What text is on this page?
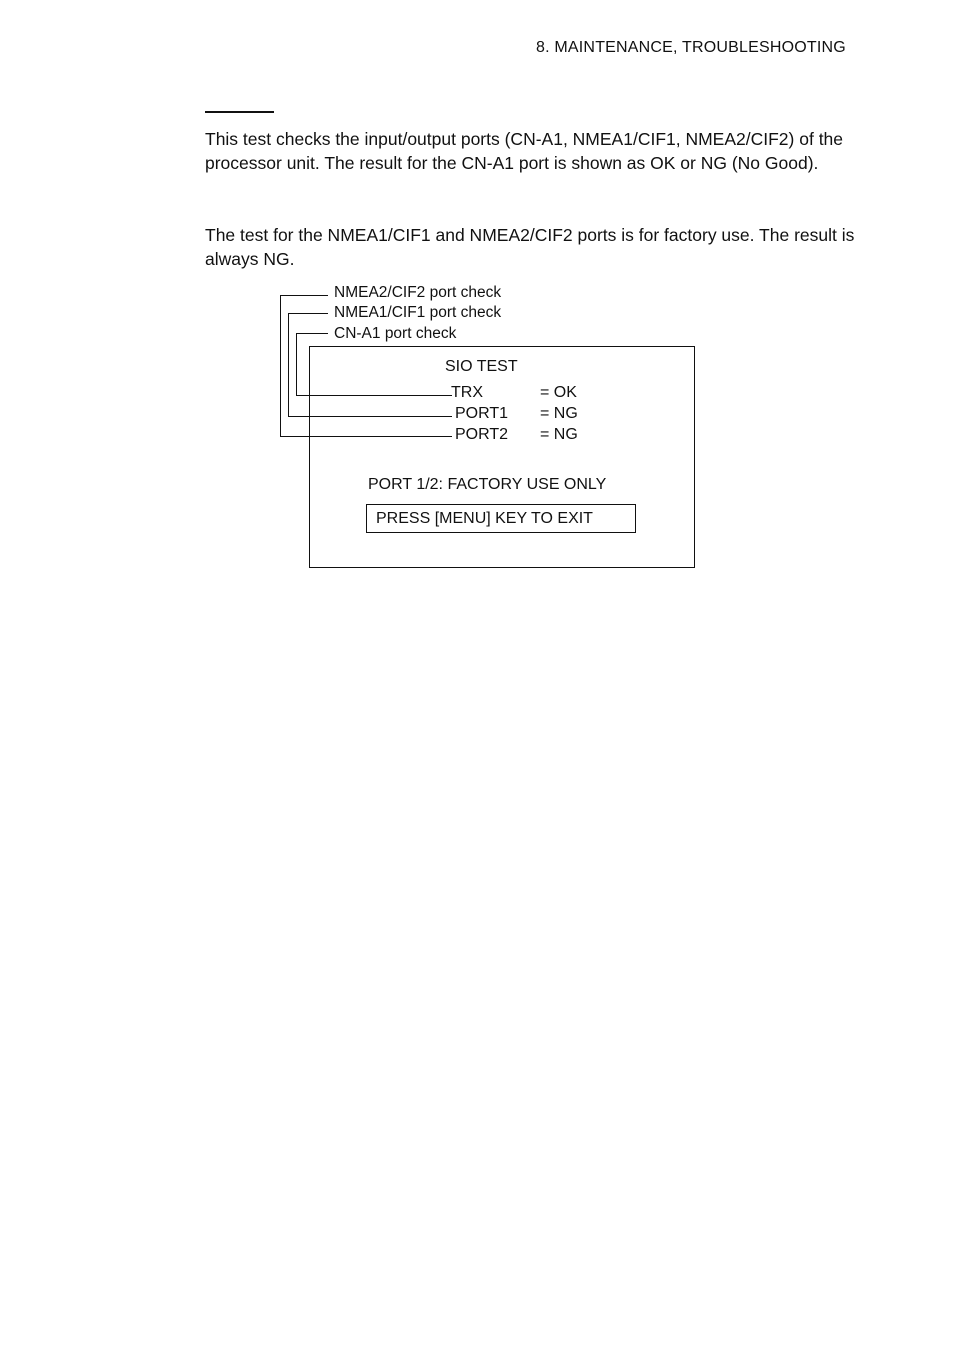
8. MAINTENANCE, TROUBLESHOOTING
This test checks the input/output ports (CN-A1, NMEA1/CIF1, NMEA2/CIF2) of the processor unit. The result for the CN-A1 port is shown as OK or NG (No Good).
The test for the NMEA1/CIF1 and NMEA2/CIF2 ports is for factory use. The result is always NG.
NMEA2/CIF2 port check
NMEA1/CIF1 port check
CN-A1 port check
SIO TEST
TRX	= OK
PORT1 = NG
PORT2 = NG
PORT 1/2: FACTORY USE ONLY
PRESS [MENU] KEY TO EXIT
